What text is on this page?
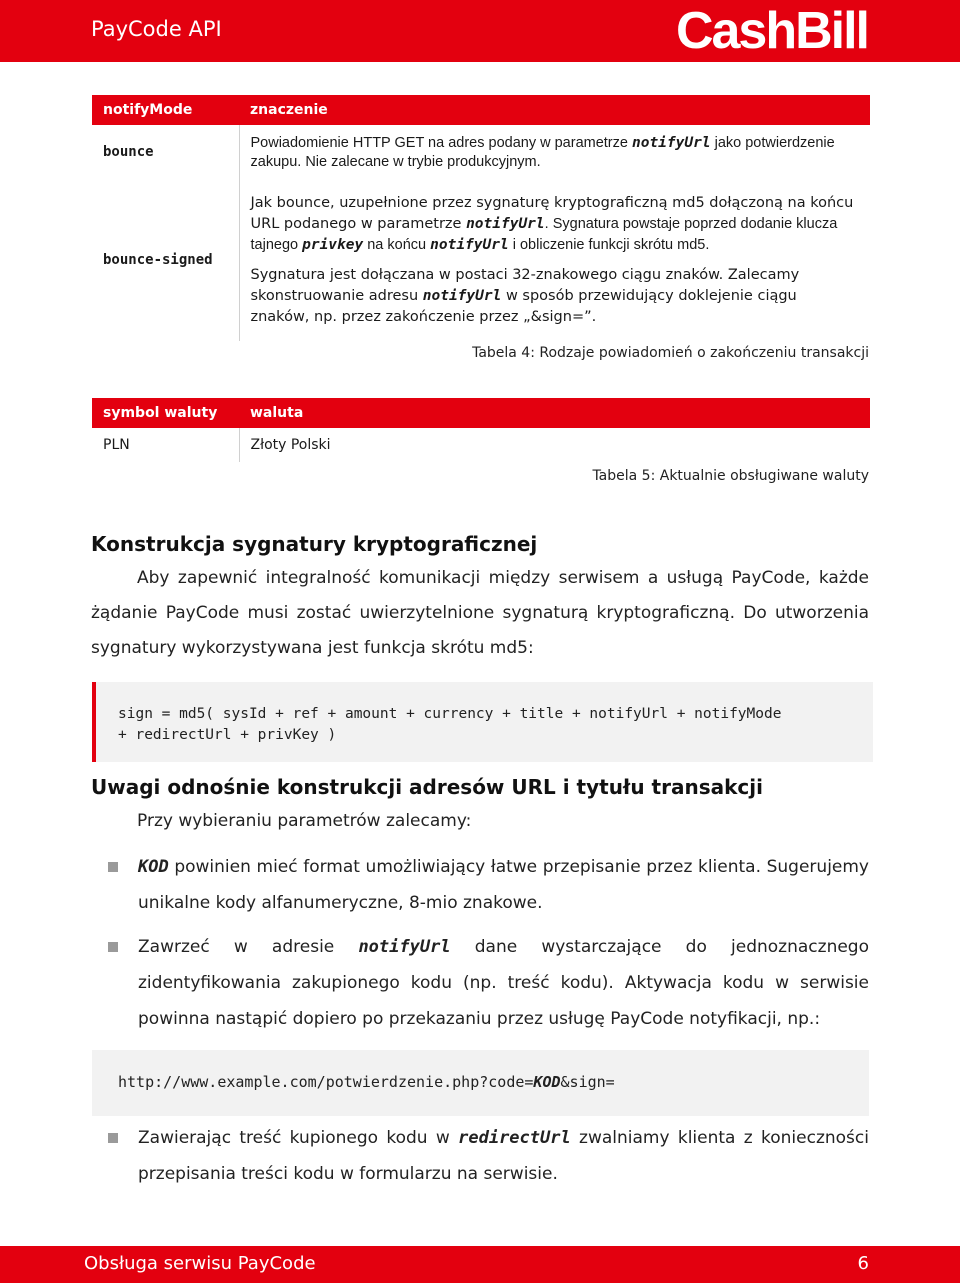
PayCode API	CashBill
notifyMode	znaczenie
bounce	Powiadomienie HTTP GET na adres podany w parametrze notifyUrl jako potwierdzenie zakupu. Nie zalecane w trybie produkcyjnym.
bounce-signed	Jak bounce, uzupełnione przez sygnaturę kryptograficzną md5 dołączoną na końcu URL podanego w parametrze notifyUrl. Sygnatura powstaje poprzed dodanie klucza tajnego privkey na końcu notifyUrl i obliczenie funkcji skrótu md5.
Sygnatura jest dołączana w postaci 32-znakowego ciągu znaków. Zalecamy skonstruowanie adresu notifyUrl w sposób przewidujący doklejenie ciągu znaków, np. przez zakończenie przez „&sign=”.
Tabela 4: Rodzaje powiadomień o zakończeniu transakcji
symbol waluty	waluta
PLN	Złoty Polski
Tabela 5: Aktualnie obsługiwane waluty
Konstrukcja sygnatury kryptograficznej
Aby zapewnić integralność komunikacji między serwisem a usługą PayCode, każde żądanie PayCode musi zostać uwierzytelnione sygnaturą kryptograficzną. Do utworzenia sygnatury wykorzystywana jest funkcja skrótu md5:
sign = md5( sysId + ref + amount + currency + title + notifyUrl + notifyMode
+ redirectUrl + privKey )
Uwagi odnośnie konstrukcji adresów URL i tytułu transakcji
Przy wybieraniu parametrów zalecamy:
KOD powinien mieć format umożliwiający łatwe przepisanie przez klienta. Sugerujemy unikalne kody alfanumeryczne, 8-mio znakowe.
Zawrzeć w adresie notifyUrl dane wystarczające do jednoznacznego zidentyfikowania zakupionego kodu (np. treść kodu). Aktywacja kodu w serwisie powinna nastąpić dopiero po przekazaniu przez usługę PayCode notyfikacji, np.:
http://www.example.com/potwierdzenie.php?code=KOD&sign=
Zawierając treść kupionego kodu w redirectUrl zwalniamy klienta z konieczności przepisania treści kodu w formularzu na serwisie.
Obsługa serwisu PayCode	6
